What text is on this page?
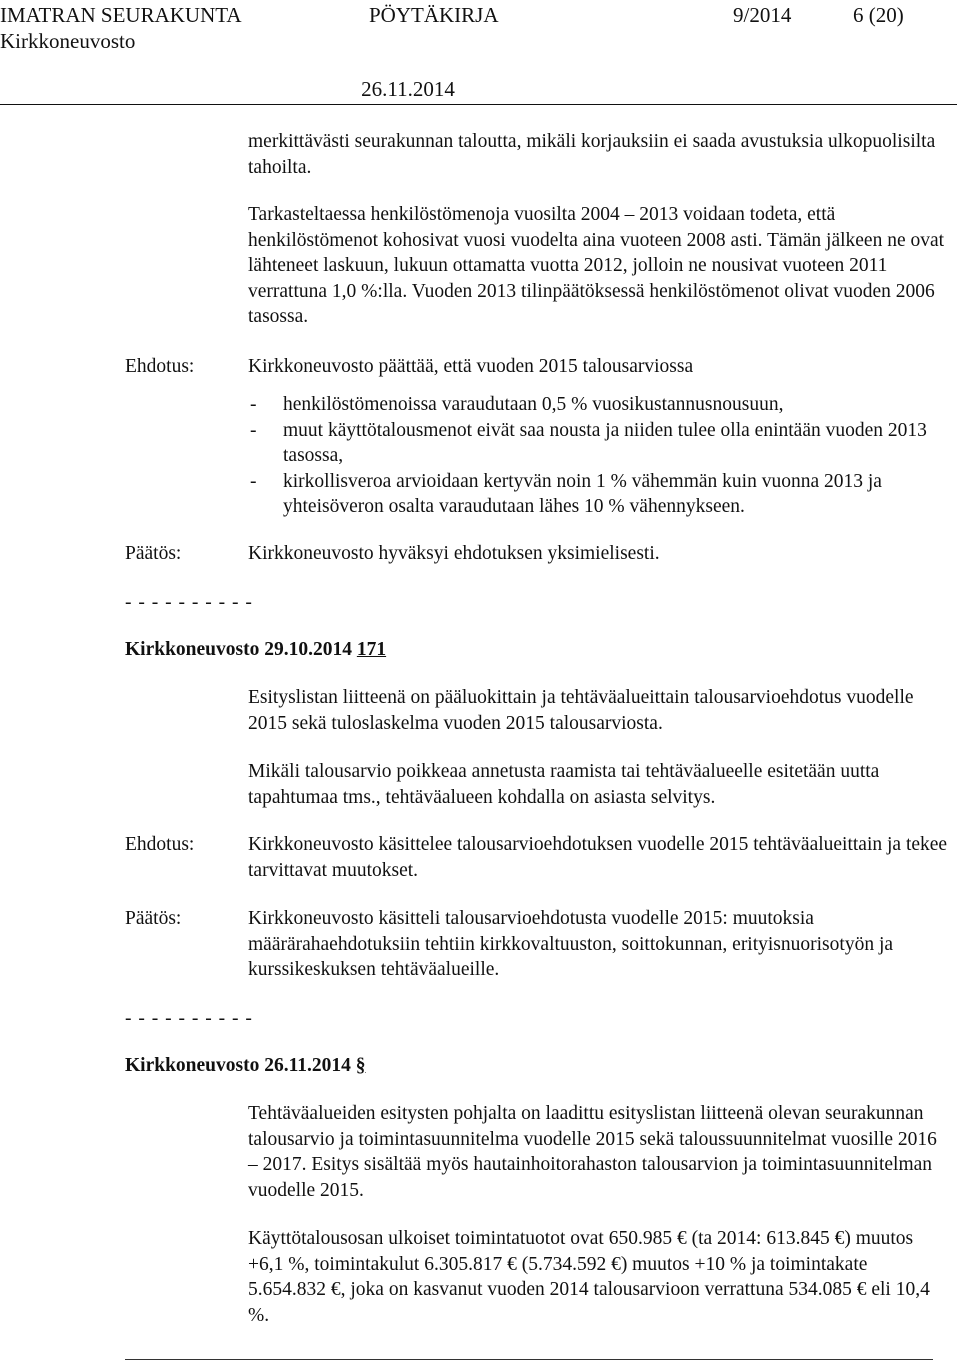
IMATRAN SEURAKUNTA	PÖYTÄKIRJA	9/2014	6 (20)
Kirkkoneuvosto
26.11.2014
merkittävästi seurakunnan taloutta, mikäli korjauksiin ei saada avustuksia ulkopuolisilta tahoilta.
Tarkasteltaessa henkilöstömenoja vuosilta 2004 – 2013 voidaan todeta, että henkilöstömenot kohosivat vuosi vuodelta aina vuoteen 2008 asti. Tämän jälkeen ne ovat lähteneet laskuun, lukuun ottamatta vuotta 2012, jolloin ne nousivat vuoteen 2011 verrattuna 1,0 %:lla. Vuoden 2013 tilinpäätöksessä henkilöstömenot olivat vuoden 2006 tasossa.
Ehdotus:	Kirkkoneuvosto päättää, että vuoden 2015 talousarviossa
- henkilöstömenoissa varaudutaan 0,5 % vuosikustannusnousuun,
- muut käyttötalousmenot eivät saa nousta ja niiden tulee olla enintään vuoden 2013 tasossa,
- kirkollisveroa arvioidaan kertyvän noin 1 % vähemmän kuin vuonna 2013 ja yhteisöveron osalta varaudutaan lähes 10 % vähennykseen.
Päätös:	Kirkkoneuvosto hyväksyi ehdotuksen yksimielisesti.
- - - - - - - - - -
Kirkkoneuvosto 29.10.2014 171
Esityslistan liitteenä on pääluokittain ja tehtäväalueittain talousarvioehdotus vuodelle 2015 sekä tuloslaskelma vuoden 2015 talousarviosta.
Mikäli talousarvio poikkeaa annetusta raamista tai tehtäväalueelle esitetään uutta tapahtumaa tms., tehtäväalueen kohdalla on asiasta selvitys.
Ehdotus:	Kirkkoneuvosto käsittelee talousarvioehdotuksen vuodelle 2015 tehtäväalueittain ja tekee tarvittavat muutokset.
Päätös:	Kirkkoneuvosto käsitteli talousarvioehdotusta vuodelle 2015: muutoksia määrärahaehdotuksiin tehtiin kirkkovaltuuston, soittokunnan, erityisnuorisotyön ja kurssikeskuksen tehtäväalueille.
- - - - - - - - - -
Kirkkoneuvosto 26.11.2014 §
Tehtäväalueiden esitysten pohjalta on laadittu esityslistan liitteenä olevan seurakunnan talousarvio ja toimintasuunnitelma vuodelle 2015 sekä taloussuunnitelmat vuosille 2016 – 2017. Esitys sisältää myös hautainhoitorahaston talousarvion ja toimintasuunnitelman vuodelle 2015.
Käyttötalousosan ulkoiset toimintatuotot ovat 650.985 € (ta 2014: 613.845 €) muutos +6,1 %, toimintakulut 6.305.817 € (5.734.592 €) muutos +10 % ja toimintakate 5.654.832 €, joka on kasvanut vuoden 2014 talousarvioon verrattuna 534.085 € eli 10,4 %.
